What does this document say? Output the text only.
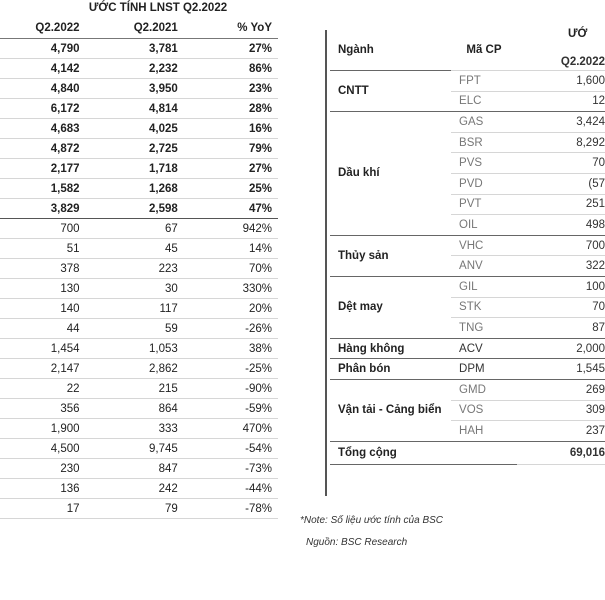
ƯỚC TÍNH LNST Q2.2022
Q2.2022	Q2.2021	% YoY
4,790	3,781	27%
4,142	2,232	86%
4,840	3,950	23%
6,172	4,814	28%
4,683	4,025	16%
4,872	2,725	79%
2,177	1,718	27%
1,582	1,268	25%
3,829	2,598	47%
700	67	942%
51	45	14%
378	223	70%
130	30	330%
140	117	20%
44	59	-26%
1,454	1,053	38%
2,147	2,862	-25%
22	215	-90%
356	864	-59%
1,900	333	470%
4,500	9,745	-54%
230	847	-73%
136	242	-44%
17	79	-78%
ƯỚ
Ngành	Mã CP	Q2.2022
CNTT	FPT	1,600
	ELC	12
Dầu khí	GAS	3,424
	BSR	8,292
	PVS	70
	PVD	(57
	PVT	251
	OIL	498
Thủy sản	VHC	700
	ANV	322
Dệt may	GIL	100
	STK	70
	TNG	87
Hàng không	ACV	2,000
Phân bón	DPM	1,545
Vận tải - Cảng biển	GMD	269
	VOS	309
	HAH	237
Tổng cộng		69,016
*Note: Số liệu ước tính của BSC
Nguồn: BSC Research
